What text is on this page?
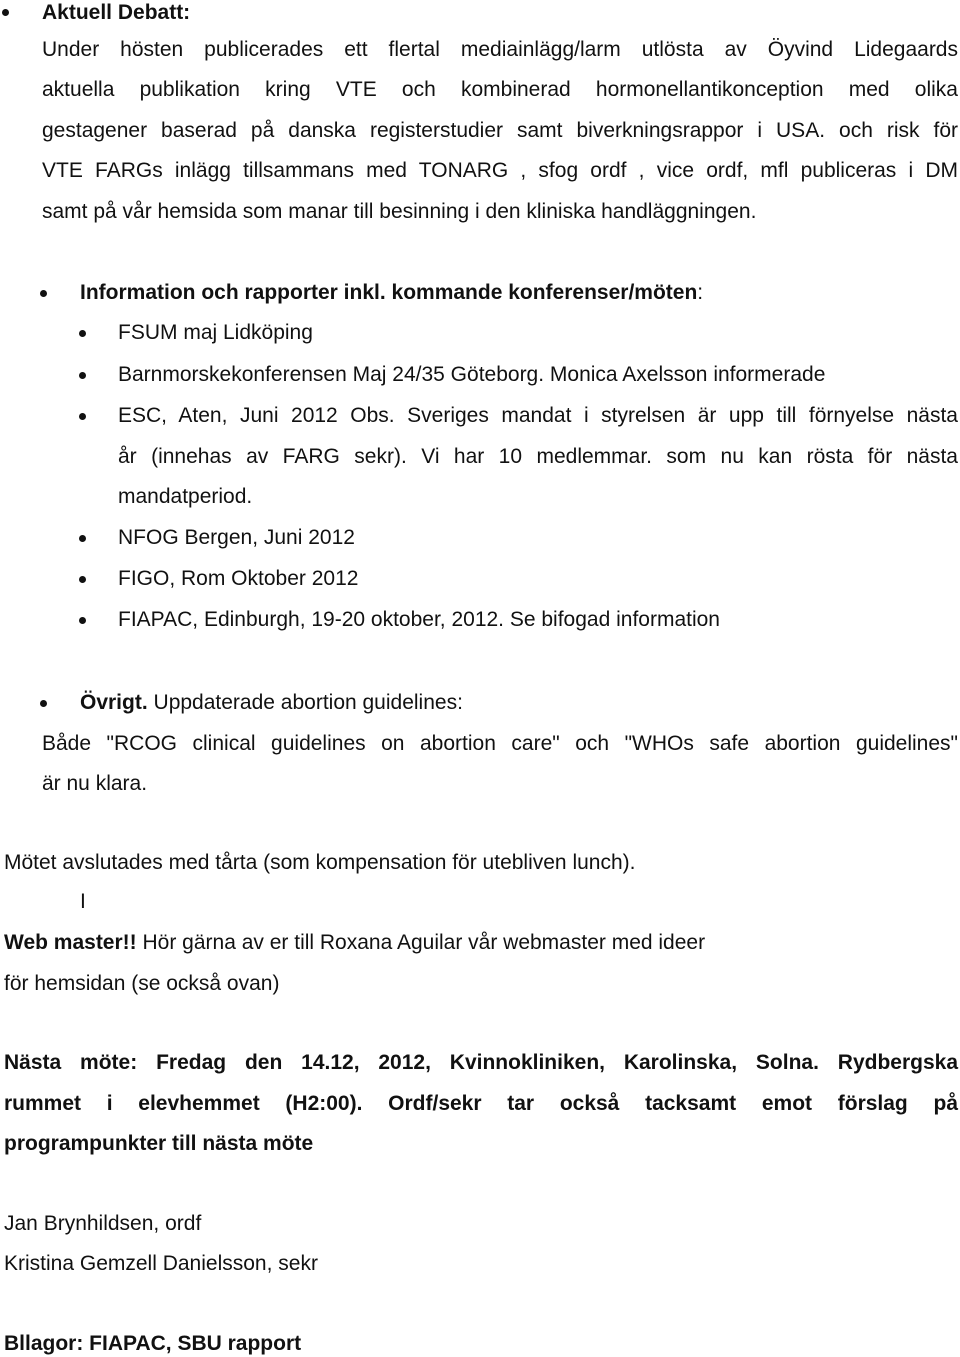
Aktuell Debatt:
Under hösten publicerades ett flertal mediainlägg/larm utlösta av Öyvind Lidegaards
aktuella publikation kring VTE och kombinerad hormonellantikonception med olika
gestagener baserad på danska registerstudier samt biverkningsrappor i USA. och risk för
VTE FARGs inlägg tillsammans med TONARG , sfog ordf , vice ordf, mfl publiceras i DM
samt på vår hemsida som manar till besinning i den kliniska handläggningen.
Information och rapporter inkl. kommande konferenser/möten:
FSUM maj Lidköping
Barnmorskekonferensen Maj 24/35 Göteborg. Monica Axelsson informerade
ESC, Aten, Juni 2012 Obs. Sveriges mandat i styrelsen är upp till förnyelse nästa
år (innehas av FARG sekr). Vi har 10 medlemmar. som nu kan rösta för nästa
mandatperiod.
NFOG Bergen, Juni 2012
FIGO, Rom Oktober 2012
FIAPAC, Edinburgh, 19-20 oktober, 2012. Se bifogad information
Övrigt. Uppdaterade abortion guidelines:
Både "RCOG clinical guidelines on abortion care" och "WHOs safe abortion guidelines"
är nu klara.
Mötet avslutades med tårta (som kompensation för utebliven lunch).
I
Web master!! Hör gärna av er till Roxana Aguilar vår webmaster med ideer
för hemsidan (se också ovan)
Nästa möte: Fredag den 14.12, 2012, Kvinnokliniken, Karolinska, Solna. Rydbergska
rummet i elevhemmet (H2:00). Ordf/sekr tar också tacksamt emot förslag på
programpunkter till nästa möte
Jan Brynhildsen, ordf
Kristina Gemzell Danielsson, sekr
Bllagor: FIAPAC, SBU rapport
